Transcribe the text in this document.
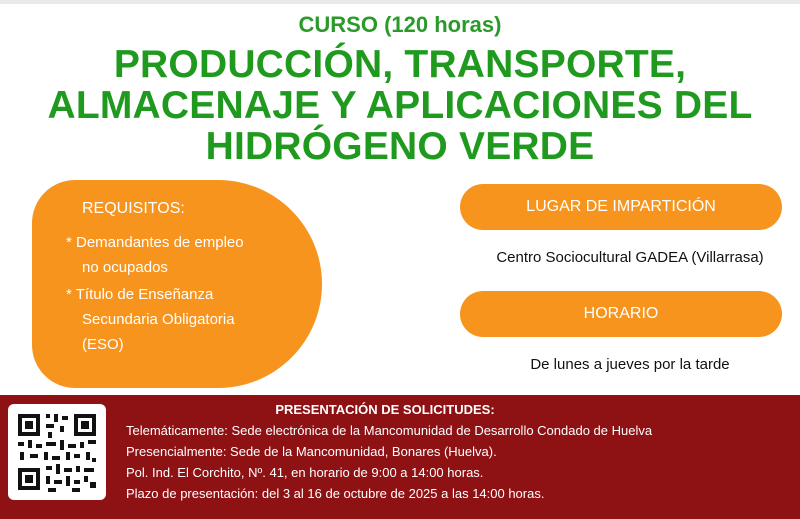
CURSO (120 horas)
PRODUCCIÓN, TRANSPORTE,
ALMACENAJE Y APLICACIONES DEL
HIDRÓGENO VERDE
REQUISITOS:
* Demandantes de empleo
no ocupados
* Título de Enseñanza
Secundaria Obligatoria
(ESO)
LUGAR DE IMPARTICIÓN
Centro Sociocultural GADEA (Villarrasa)
HORARIO
De lunes a jueves por la tarde
PRESENTACIÓN DE SOLICITUDES:
Telemáticamente: Sede electrónica de la Mancomunidad de Desarrollo Condado de Huelva
Presencialmente: Sede de la Mancomunidad, Bonares (Huelva).
Pol. Ind. El Corchito, Nº. 41, en horario de 9:00 a 14:00 horas.
Plazo de presentación: del 3 al 16 de octubre de 2025 a las 14:00 horas.
